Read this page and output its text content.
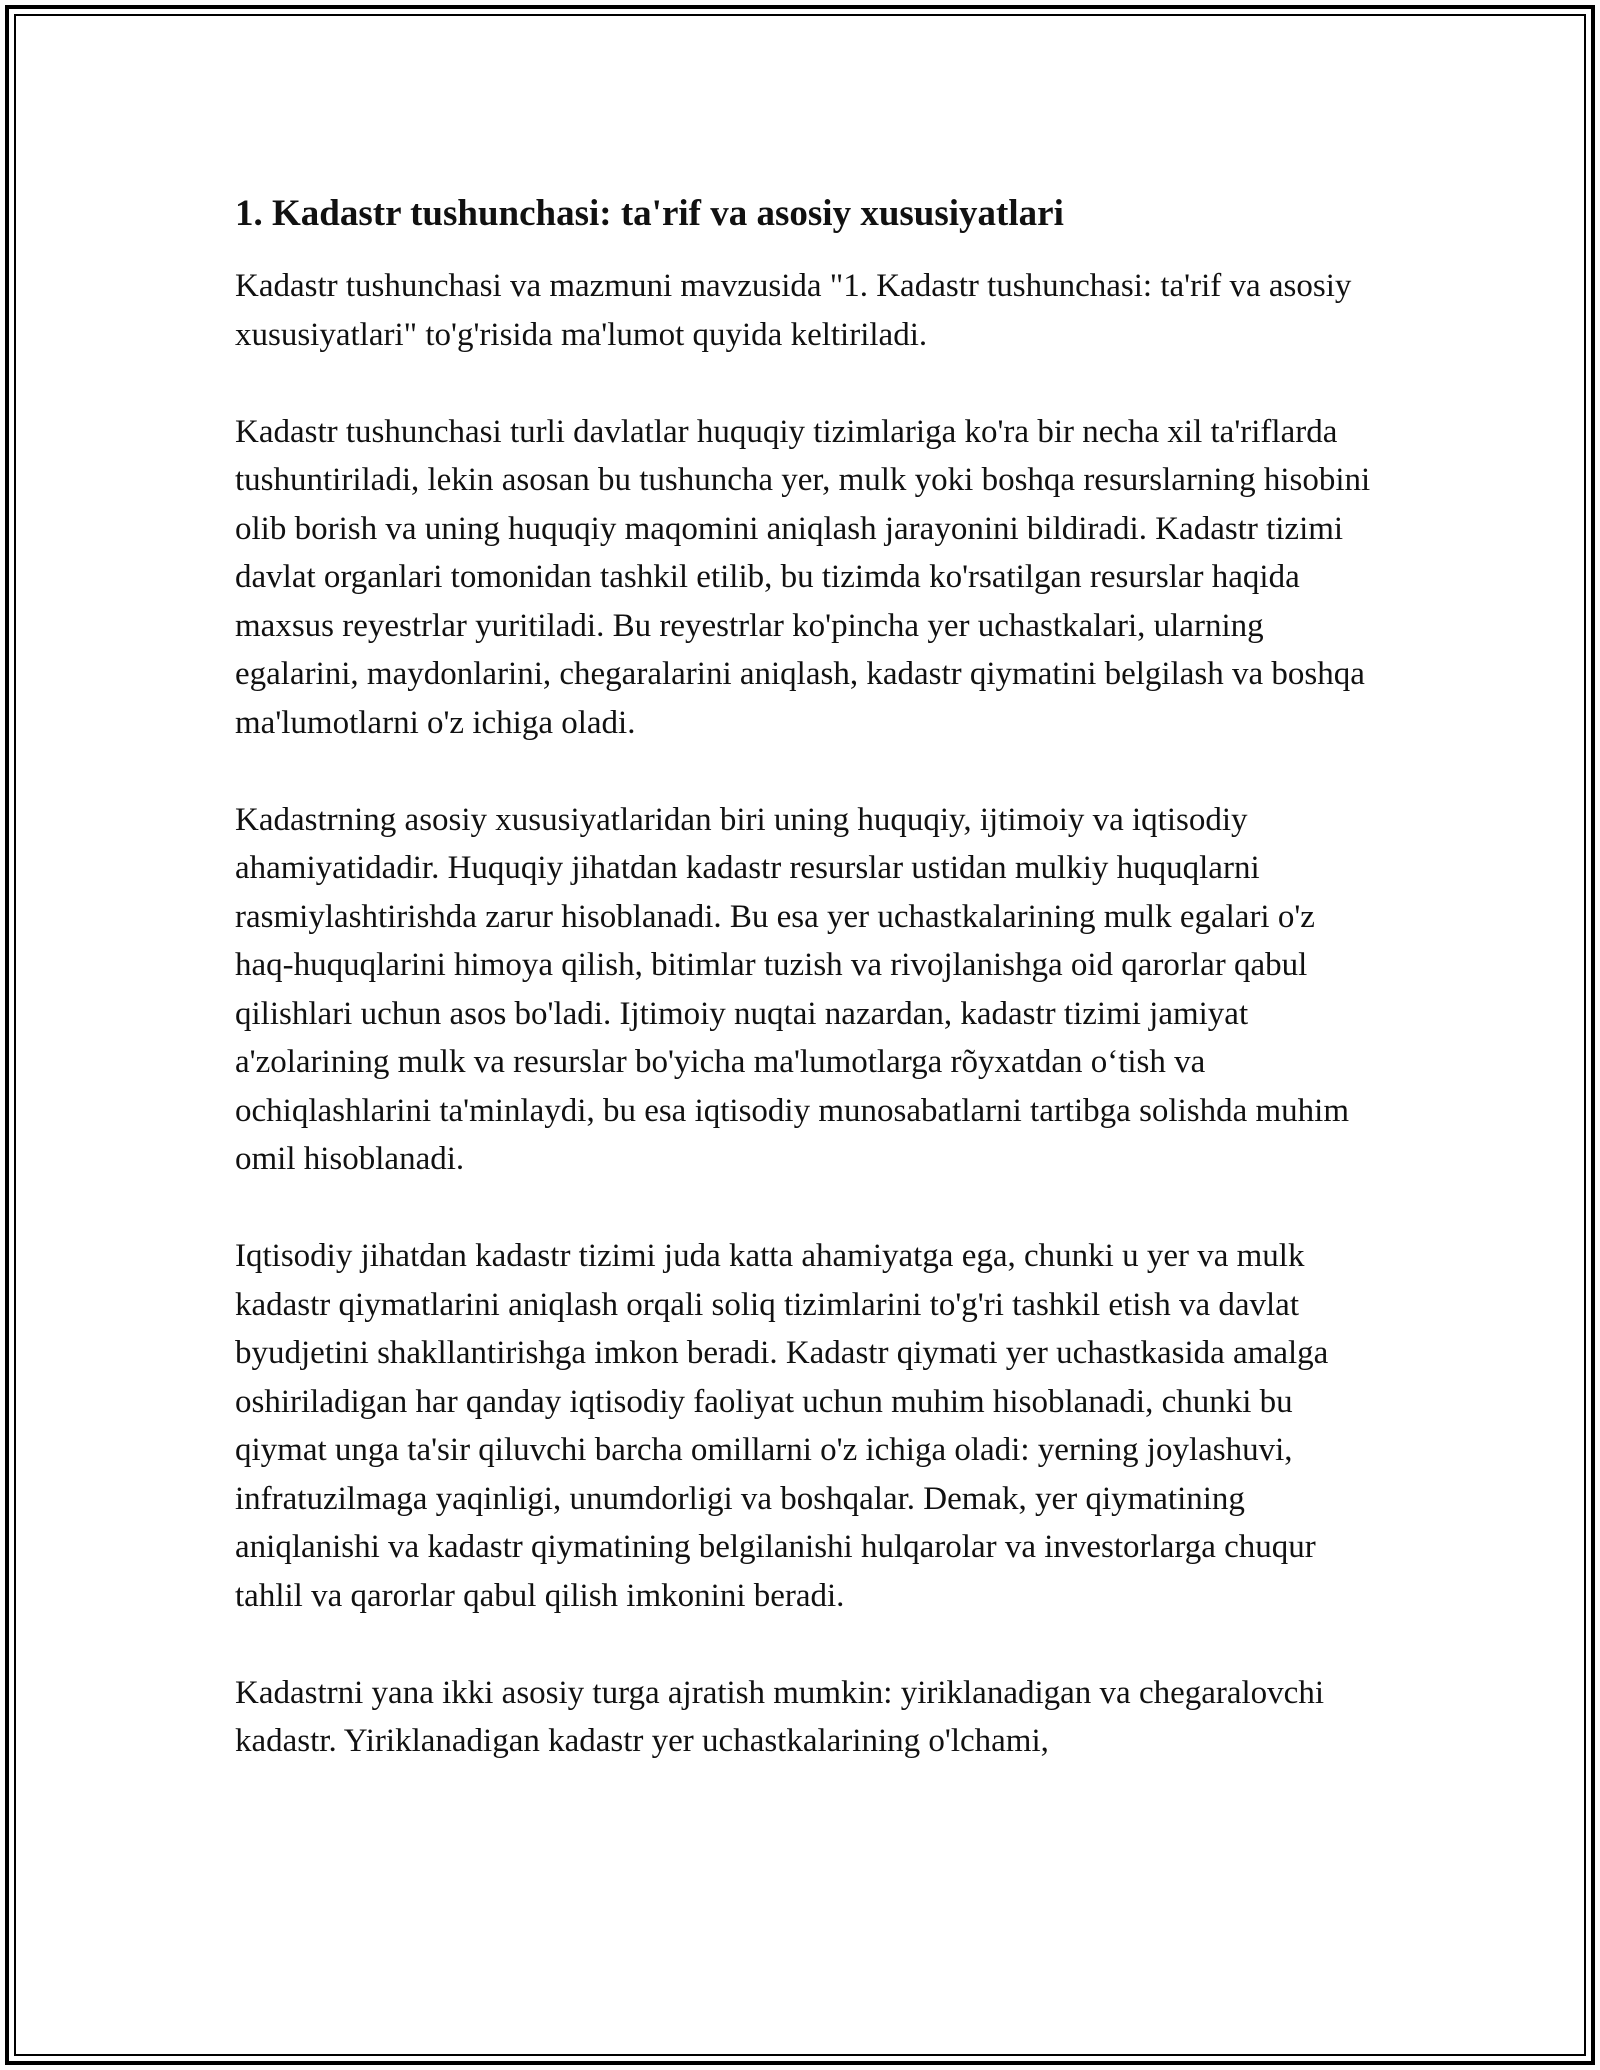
1. Kadastr tushunchasi: ta'rif va asosiy xususiyatlari

Kadastr tushunchasi va mazmuni mavzusida "1. Kadastr tushunchasi: ta'rif va asosiy xususiyatlari" to'g'risida ma'lumot quyida keltiriladi.

Kadastr tushunchasi turli davlatlar huquqiy tizimlariga ko'ra bir necha xil ta'riflarda tushuntiriladi, lekin asosan bu tushuncha yer, mulk yoki boshqa resurslarning hisobini olib borish va uning huquqiy maqomini aniqlash jarayonini bildiradi. Kadastr tizimi davlat organlari tomonidan tashkil etilib, bu tizimda ko'rsatilgan resurslar haqida maxsus reyestrlar yuritiladi. Bu reyestrlar ko'pincha yer uchastkalari, ularning egalarini, maydonlarini, chegaralarini aniqlash, kadastr qiymatini belgilash va boshqa ma'lumotlarni o'z ichiga oladi.

Kadastrning asosiy xususiyatlaridan biri uning huquqiy, ijtimoiy va iqtisodiy ahamiyatidadir. Huquqiy jihatdan kadastr resurslar ustidan mulkiy huquqlarni rasmiylashtirishda zarur hisoblanadi. Bu esa yer uchastkalarining mulk egalari o'z haq-huquqlarini himoya qilish, bitimlar tuzish va rivojlanishga oid qarorlar qabul qilishlari uchun asos bo'ladi. Ijtimoiy nuqtai nazardan, kadastr tizimi jamiyat a'zolarining mulk va resurslar bo'yicha ma'lumotlarga rõyxatdan o‘tish va ochiqlashlarini ta'minlaydi, bu esa iqtisodiy munosabatlarni tartibga solishda muhim omil hisoblanadi.

Iqtisodiy jihatdan kadastr tizimi juda katta ahamiyatga ega, chunki u yer va mulk kadastr qiymatlarini aniqlash orqali soliq tizimlarini to'g'ri tashkil etish va davlat byudjetini shakllantirishga imkon beradi. Kadastr qiymati yer uchastkasida amalga oshiriladigan har qanday iqtisodiy faoliyat uchun muhim hisoblanadi, chunki bu qiymat unga ta'sir qiluvchi barcha omillarni o'z ichiga oladi: yerning joylashuvi, infratuzilmaga yaqinligi, unumdorligi va boshqalar. Demak, yer qiymatining aniqlanishi va kadastr qiymatining belgilanishi hulqarolar va investorlarga chuqur tahlil va qarorlar qabul qilish imkonini beradi.

Kadastrni yana ikki asosiy turga ajratish mumkin: yiriklanadigan va chegaralovchi kadastr. Yiriklanadigan kadastr yer uchastkalarining o'lchami,
